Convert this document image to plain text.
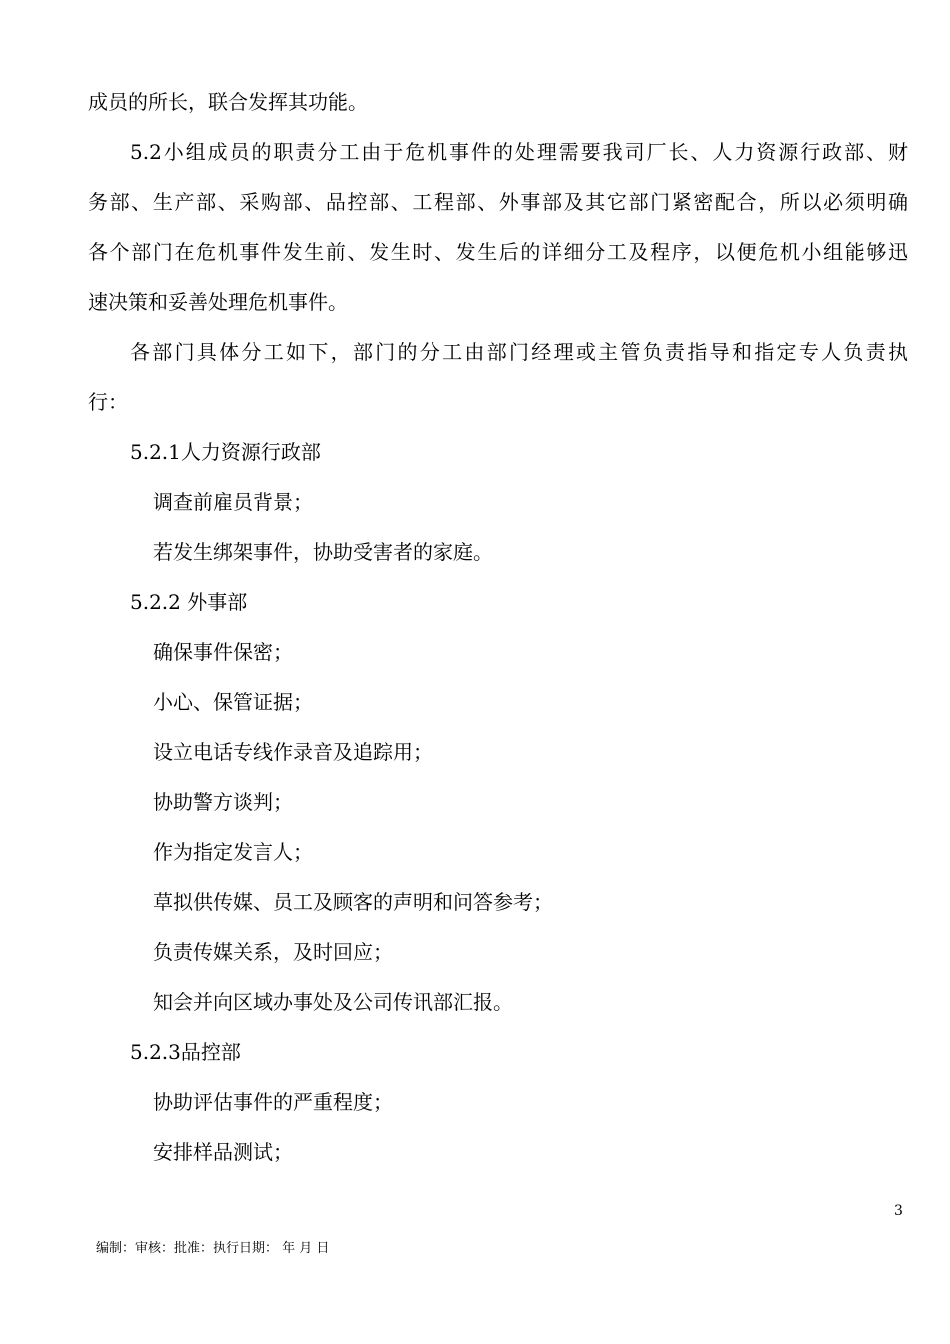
成员的所长，联合发挥其功能。
5.2小组成员的职责分工由于危机事件的处理需要我司厂长、人力资源行政部、财
务部、生产部、采购部、品控部、工程部、外事部及其它部门紧密配合，所以必须明确
各个部门在危机事件发生前、发生时、发生后的详细分工及程序，以便危机小组能够迅
速决策和妥善处理危机事件。
各部门具体分工如下，部门的分工由部门经理或主管负责指导和指定专人负责执
行：
5.2.1人力资源行政部
调查前雇员背景；
若发生绑架事件，协助受害者的家庭。
5.2.2 外事部
确保事件保密；
小心、保管证据；
设立电话专线作录音及追踪用；
协助警方谈判；
作为指定发言人；
草拟供传媒、员工及顾客的声明和问答参考；
负责传媒关系，及时回应；
知会并向区域办事处及公司传讯部汇报。
5.2.3品控部
协助评估事件的严重程度；
安排样品测试；
3
编制：审核：批准：执行日期： 年 月 日
